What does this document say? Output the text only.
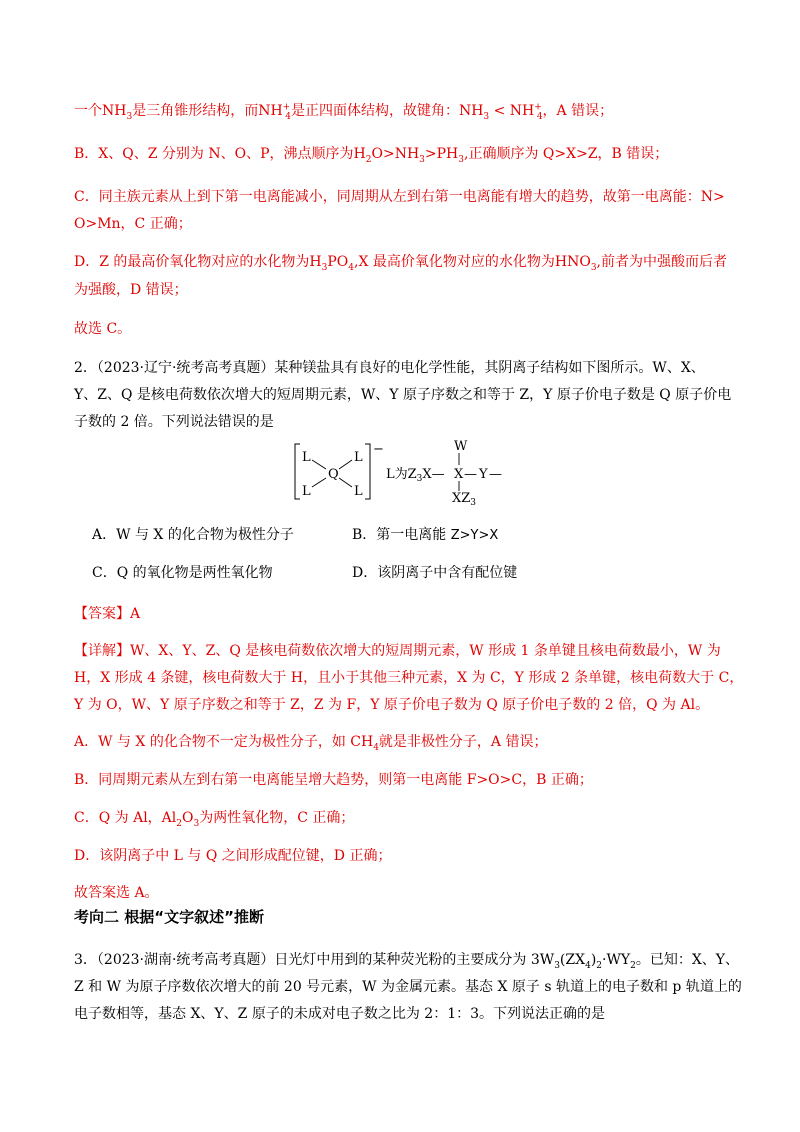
一个$NH_3$是三角锥形结构，而$NH^+_4$是正四面体结构，故键角：$NH_3 < NH^+_4$，A 错误；
B．X、Q、Z 分别为 N、O、P，沸点顺序为$H_2O>NH_3>PH_3$,正确顺序为 Q>X>Z，B 错误；
C．同主族元素从上到下第一电离能减小，同周期从左到右第一电离能有增大的趋势，故第一电离能：N>
O>Mn，C 正确；
D．Z 的最高价氧化物对应的水化物为$H_3PO_4,X$ 最高价氧化物对应的水化物为$HNO_3$,前者为中强酸而后者
为强酸，D 错误；
故选 C。
2．（2023·辽宁·统考高考真题）某种镁盐具有良好的电化学性能，其阴离子结构如下图所示。W、X、
Y、Z、Q 是核电荷数依次增大的短周期元素，W、Y 原子序数之和等于 Z，Y 原子价电子数是 Q 原子价电
子数的 2 倍。下列说法错误的是
−
L	L
L	L
Q	L为$Z_3X—$
W
X — Y —
$XZ_3$
A．W 与 X 的化合物为极性分子	B．第一电离能 Z>Y>X
C．Q 的氧化物是两性氧化物	D．该阴离子中含有配位键
【答案】A
【详解】W、X、Y、Z、Q 是核电荷数依次增大的短周期元素，W 形成 1 条单键且核电荷数最小，W 为
H，X 形成 4 条键，核电荷数大于 H，且小于其他三种元素，X 为 C，Y 形成 2 条单键，核电荷数大于 C，
Y 为 O，W、Y 原子序数之和等于 Z，Z 为 F，Y 原子价电子数为 Q 原子价电子数的 2 倍，Q 为 Al。
A．W 与 X 的化合物不一定为极性分子，如 $CH_4$就是非极性分子，A 错误；
B．同周期元素从左到右第一电离能呈增大趋势，则第一电离能 F>O>C，B 正确；
C．Q 为 Al，$Al_2O_3$为两性氧化物，C 正确；
D．该阴离子中 L 与 Q 之间形成配位键，D 正确；
故答案选 A。
考向二 根据“文字叙述”推断
3．（2023·湖南·统考高考真题）日光灯中用到的某种荧光粉的主要成分为 $3W_3(ZX_4)_2\cdot WY_2$。已知：X、Y、
Z 和 W 为原子序数依次增大的前 20 号元素，W 为金属元素。基态 X 原子 s 轨道上的电子数和 p 轨道上的
电子数相等，基态 X、Y、Z 原子的未成对电子数之比为 2：1：3。下列说法正确的是
